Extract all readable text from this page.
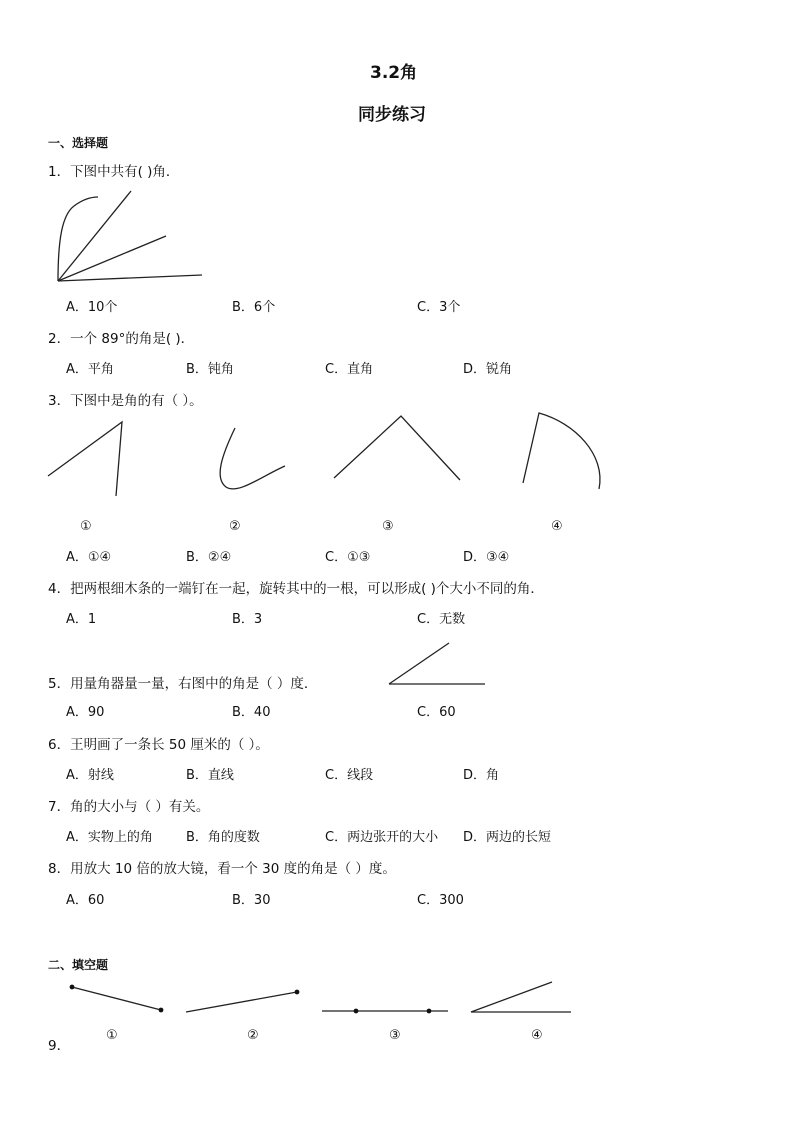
3.2角
同步练习
一、选择题
1．下图中共有( )角．
A．10个	B．6个	C．3个
2．一个 89°的角是( )．
A．平角	B．钝角	C．直角	D．锐角
3．下图中是角的有（ ）。
①	②	③	④
A．①④	B．②④	C．①③	D．③④
4．把两根细木条的一端钉在一起，旋转其中的一根，可以形成( )个大小不同的角．
A．1	B．3	C．无数
5．用量角器量一量，右图中的角是（ ）度．
A．90	B．40	C．60
6．王明画了一条长 50 厘米的（ ）。
A．射线	B．直线	C．线段	D．角
7．角的大小与（ ）有关。
A．实物上的角	B．角的度数	C．两边张开的大小 D．两边的长短
8．用放大 10 倍的放大镜，看一个 30 度的角是（ ）度。
A．60	B．30	C．300
二、填空题
9．
①	②	③	④
